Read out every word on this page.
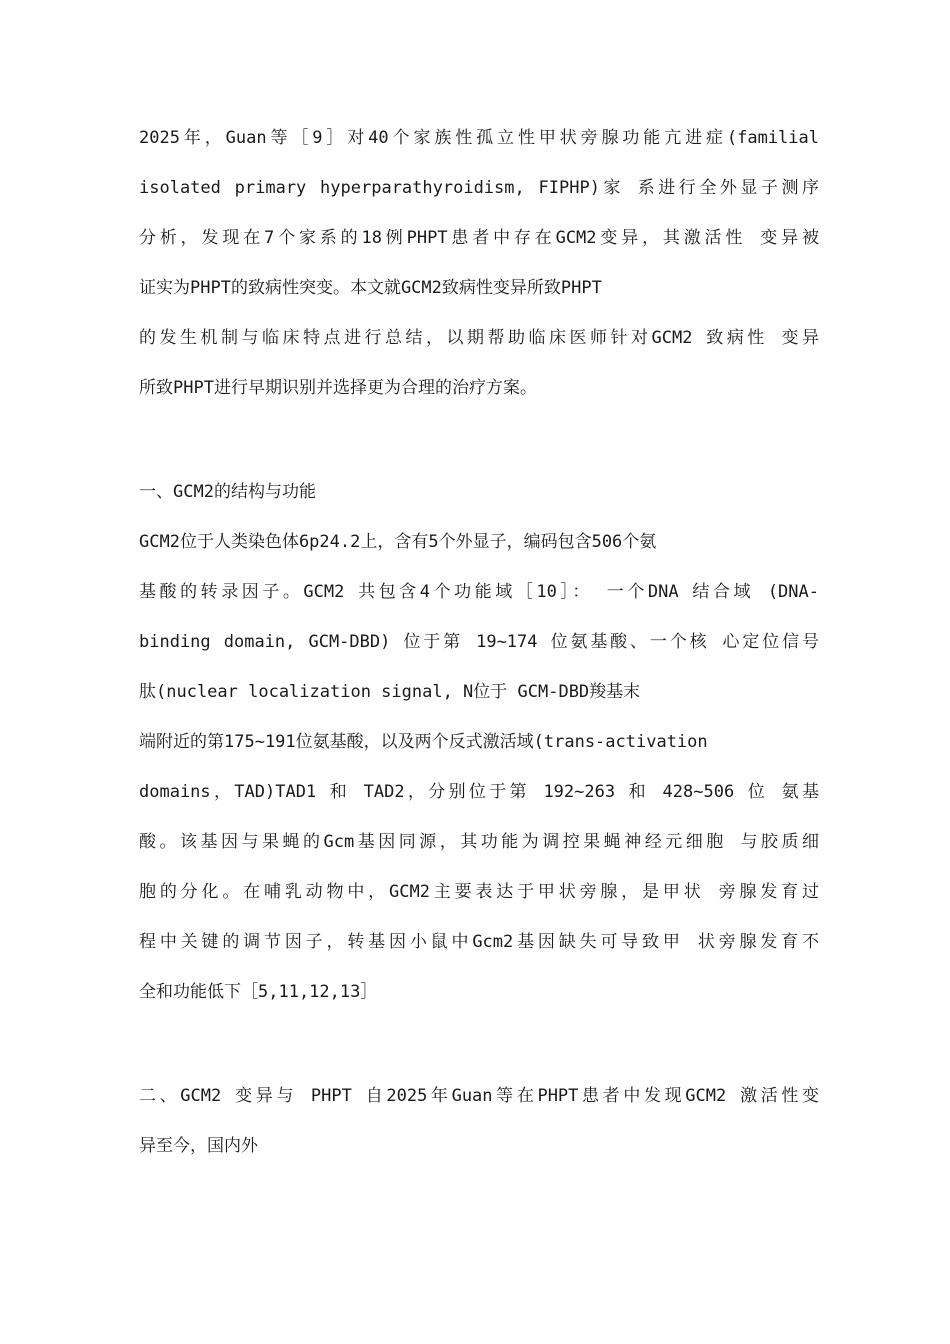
2025年，Guan等［9］对40个家族性孤立性甲状旁腺功能亢进症(familial
isolated primary hyperparathyroidism, FIPHP)家 系进行全外显子测序
分析，发现在7个家系的18例PHPT患者中存在GCM2变异，其激活性 变异被
证实为PHPT的致病性突变。本文就GCM2致病性变异所致PHPT
的发生机制与临床特点进行总结，以期帮助临床医师针对GCM2 致病性 变异
所致PHPT进行早期识别并选择更为合理的治疗方案。
一、GCM2的结构与功能
GCM2位于人类染色体6p24.2上，含有5个外显子，编码包含506个氨
基酸的转录因子。GCM2 共包含4个功能域［10］： 一个DNA 结合域 (DNA-
binding domain, GCM-DBD) 位于第 19~174 位氨基酸、一个核 心定位信号
肽(nuclear localization signal, N位于 GCM-DBD羧基末
端附近的第175~191位氨基酸，以及两个反式激活域(trans-activation
domains，TAD)TAD1 和 TAD2，分别位于第 192~263 和 428~506 位 氨基
酸。该基因与果蝇的Gcm基因同源，其功能为调控果蝇神经元细胞 与胶质细
胞的分化。在哺乳动物中，GCM2主要表达于甲状旁腺，是甲状 旁腺发育过
程中关键的调节因子，转基因小鼠中Gcm2基因缺失可导致甲 状旁腺发育不
全和功能低下［5,11,12,13］
二、GCM2 变异与 PHPT 自2025年Guan等在PHPT患者中发现GCM2 激活性变
异至今，国内外
